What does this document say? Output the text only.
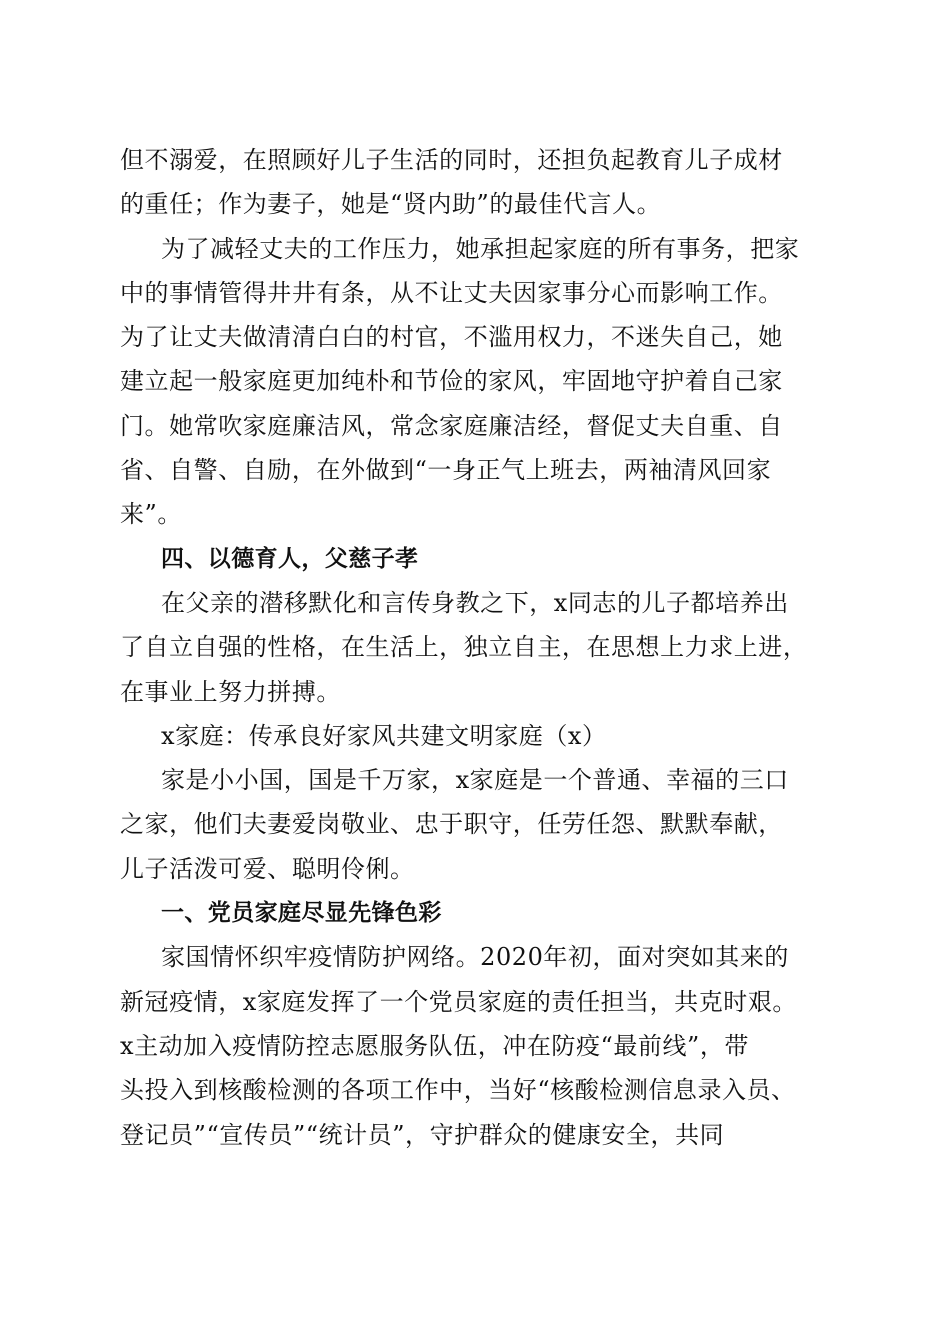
但不溺爱，在照顾好儿子生活的同时，还担负起教育儿子成材
的重任；作为妻子，她是“贤内助”的最佳代言人。
为了减轻丈夫的工作压力，她承担起家庭的所有事务，把家
中的事情管得井井有条，从不让丈夫因家事分心而影响工作。
为了让丈夫做清清白白的村官，不滥用权力，不迷失自己，她
建立起一般家庭更加纯朴和节俭的家风，牢固地守护着自己家
门。她常吹家庭廉洁风，常念家庭廉洁经，督促丈夫自重、自
省、自警、自励，在外做到“一身正气上班去，两袖清风回家
来”。
四、以德育人，父慈子孝
在父亲的潜移默化和言传身教之下，x同志的儿子都培养出
了自立自强的性格，在生活上，独立自主，在思想上力求上进，
在事业上努力拼搏。
x家庭：传承良好家风共建文明家庭（x）
家是小小国，国是千万家，x家庭是一个普通、幸福的三口
之家，他们夫妻爱岗敬业、忠于职守，任劳任怨、默默奉献，
儿子活泼可爱、聪明伶俐。
一、党员家庭尽显先锋色彩
家国情怀织牢疫情防护网络。2020年初，面对突如其来的
新冠疫情，x家庭发挥了一个党员家庭的责任担当，共克时艰。
x主动加入疫情防控志愿服务队伍，冲在防疫“最前线”，带
头投入到核酸检测的各项工作中，当好“核酸检测信息录入员、
登记员”“宣传员”“统计员”，守护群众的健康安全，共同
